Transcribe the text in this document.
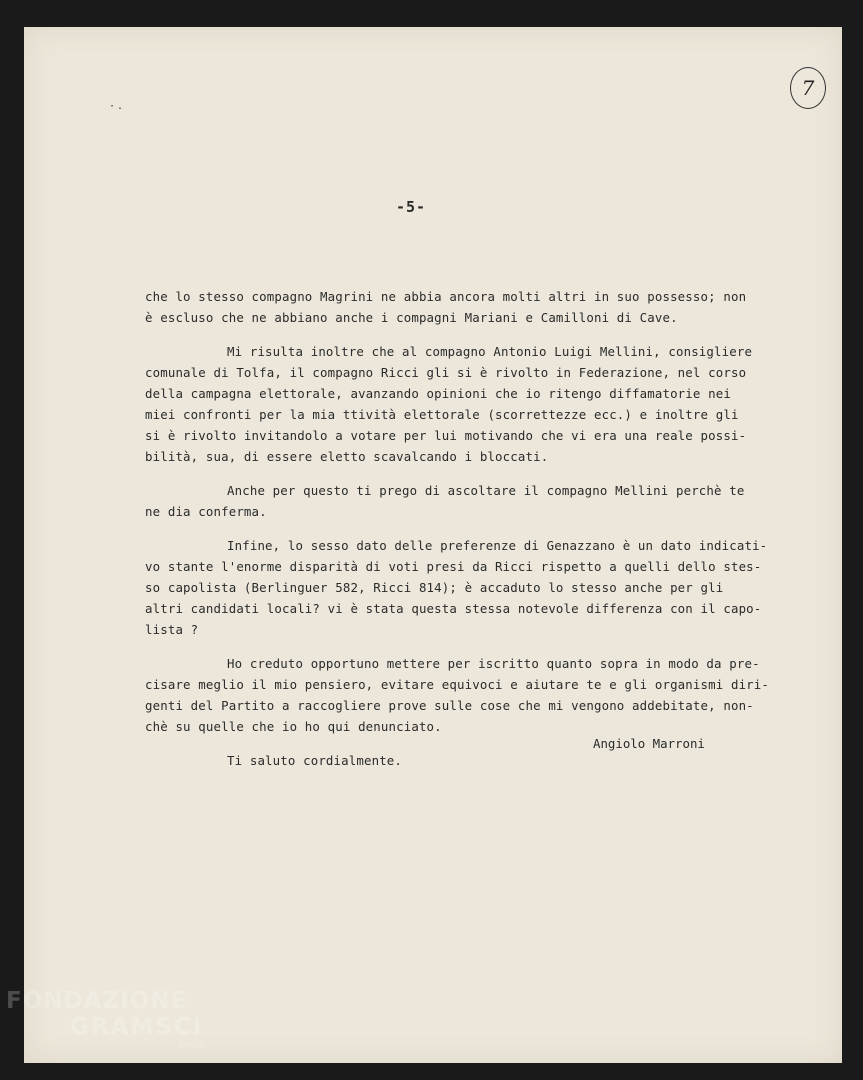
7
·.
-5-
che lo stesso compagno Magrini ne abbia ancora molti altri in suo possesso; non
è escluso che ne abbiano anche i compagni Mariani e Camilloni di Cave.
Mi risulta inoltre che al compagno Antonio Luigi Mellini, consigliere
comunale di Tolfa, il compagno Ricci gli si è rivolto in Federazione, nel corso
della campagna elettorale, avanzando opinioni che io ritengo diffamatorie nei
miei confronti per la mia ttività elettorale (scorrettezze ecc.) e inoltre gli
si è rivolto invitandolo a votare per lui motivando che vi era una reale possi-
bilità, sua, di essere eletto scavalcando i bloccati.
Anche per questo ti prego di ascoltare il compagno Mellini perchè te
ne dia conferma.
Infine, lo sesso dato delle preferenze di Genazzano è un dato indicati-
vo stante l'enorme disparità di voti presi da Ricci rispetto a quelli dello stes-
so capolista (Berlinguer 582, Ricci 814); è accaduto lo stesso anche per gli
altri candidati locali? vi è stata questa stessa notevole differenza con il capo-
lista ?
Ho creduto opportuno mettere per iscritto quanto sopra in modo da pre-
cisare meglio il mio pensiero, evitare equivoci e aiutare te e gli organismi diri-
genti del Partito a raccogliere prove sulle cose che mi vengono addebitate, non-
chè su quelle che io ho qui denunciato.
Ti saluto cordialmente.
Angiolo Marroni
FONDAZIONE
GRAMSCI
onlus
